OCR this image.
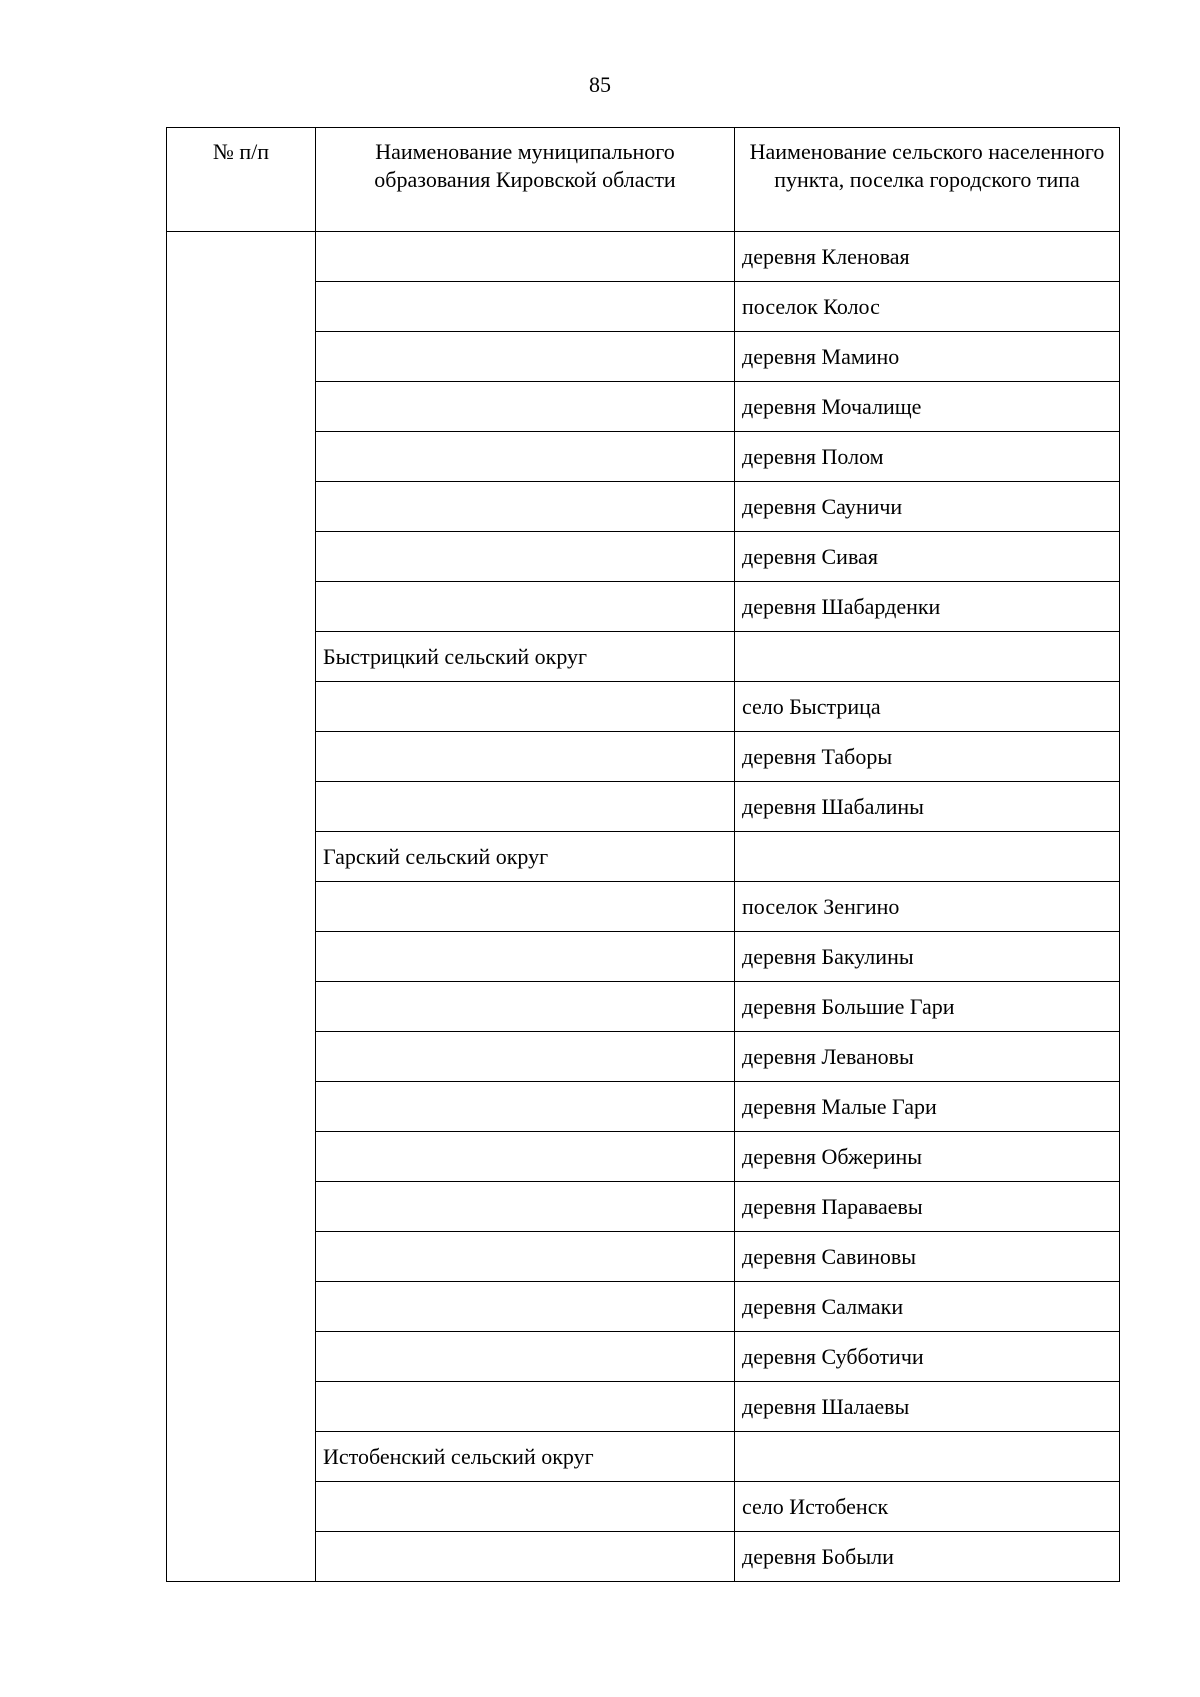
85
№ п/п	Наименование муниципального образования Кировской области	Наименование сельского населенного пункта, поселка городского типа
		деревня Кленовая
		поселок Колос
		деревня Мамино
		деревня Мочалище
		деревня Полом
		деревня Сауничи
		деревня Сивая
		деревня Шабарденки
	Быстрицкий сельский округ	
		село Быстрица
		деревня Таборы
		деревня Шабалины
	Гарский сельский округ	
		поселок Зенгино
		деревня Бакулины
		деревня Большие Гари
		деревня Левановы
		деревня Малые Гари
		деревня Обжерины
		деревня Параваевы
		деревня Савиновы
		деревня Салмаки
		деревня Субботичи
		деревня Шалаевы
	Истобенский сельский округ	
		село Истобенск
		деревня Бобыли
